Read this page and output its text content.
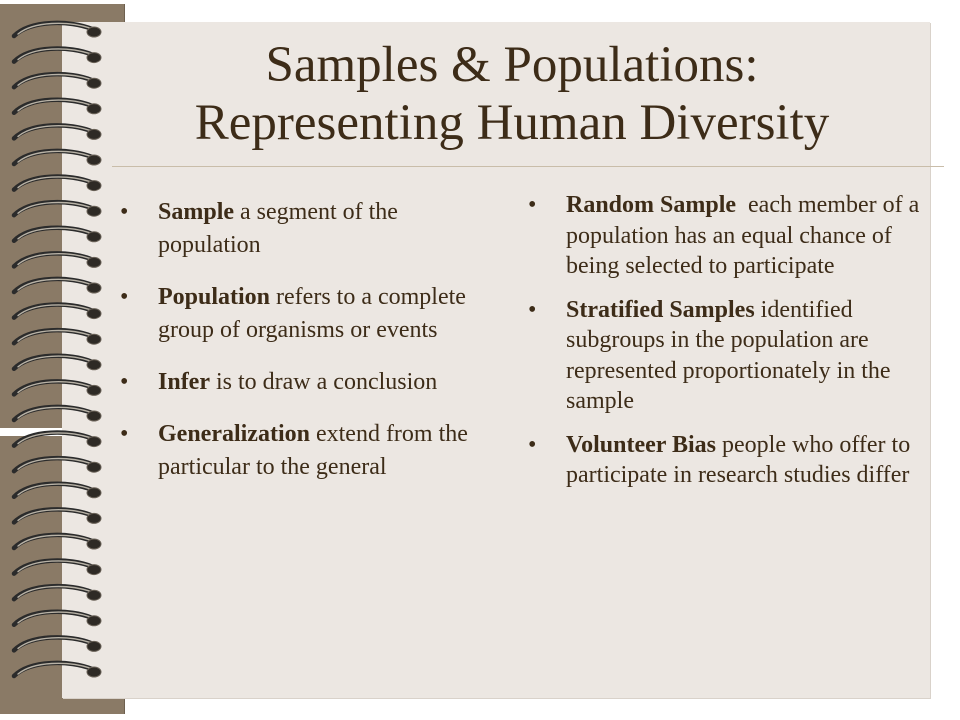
Samples & Populations:
Representing Human Diversity
• Sample a segment of the population
• Population refers to a complete group of organisms or events
• Infer is to draw a conclusion
• Generalization extend from the particular to the general
• Random Sample  each member of a population has an equal chance of being selected to participate
• Stratified Samples identified subgroups in the population are represented proportionately in the sample
• Volunteer Bias people who offer to participate in research studies differ
